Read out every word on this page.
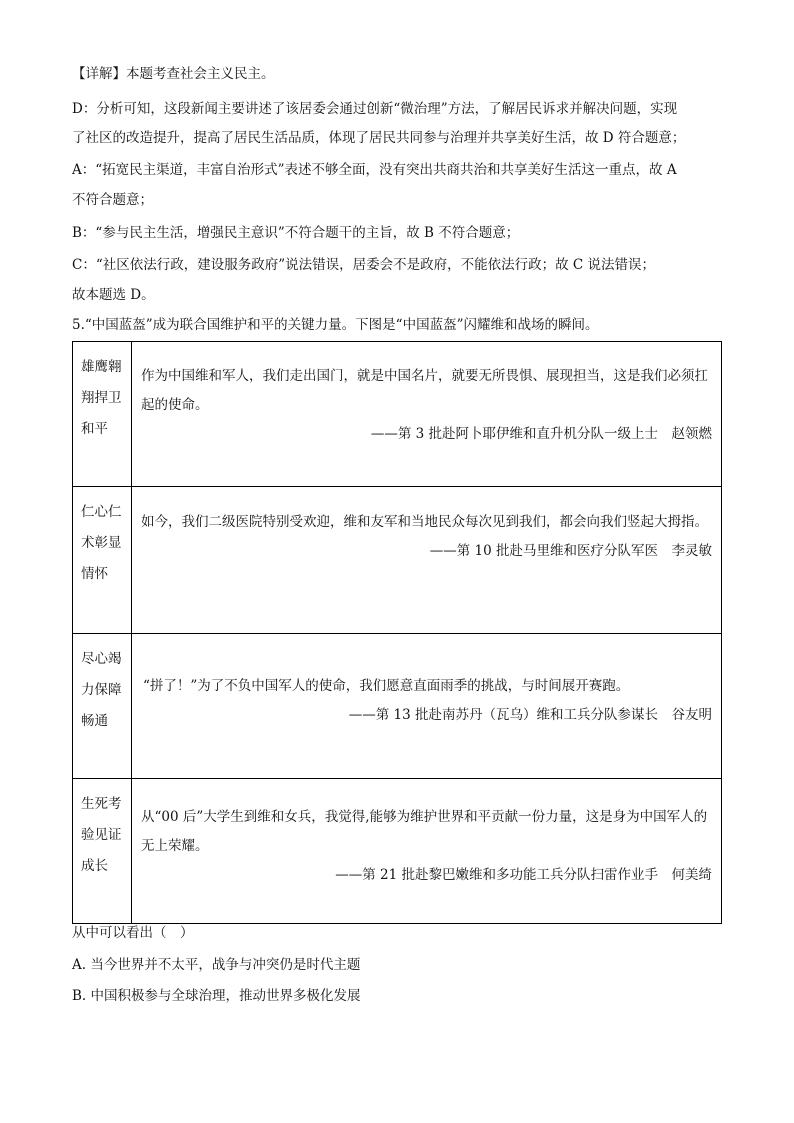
【详解】本题考查社会主义民主。
D：分析可知，这段新闻主要讲述了该居委会通过创新“微治理”方法，了解居民诉求并解决问题，实现
了社区的改造提升，提高了居民生活品质，体现了居民共同参与治理并共享美好生活，故 D 符合题意；
A：“拓宽民主渠道，丰富自治形式”表述不够全面，没有突出共商共治和共享美好生活这一重点，故 A
不符合题意；
B：“参与民主生活，增强民主意识”不符合题干的主旨，故 B 不符合题意；
C：“社区依法行政，建设服务政府”说法错误，居委会不是政府，不能依法行政；故 C 说法错误；
故本题选 D。
5.“中国蓝盔”成为联合国维护和平的关键力量。下图是“中国蓝盔”闪耀维和战场的瞬间。
雄鹰翱翔捍卫和平	作为中国维和军人，我们走出国门，就是中国名片，就要无所畏惧、展现担当，这是我们必须扛起的使命。
——第 3 批赴阿卜耶伊维和直升机分队一级上士　赵领燃

仁心仁术彰显情怀	如今，我们二级医院特别受欢迎，维和友军和当地民众每次见到我们，都会向我们竖起大拇指。
——第 10 批赴马里维和医疗分队军医　李灵敏

尽心竭力保障畅通	“拼了！”为了不负中国军人的使命，我们愿意直面雨季的挑战，与时间展开赛跑。
——第 13 批赴南苏丹（瓦乌）维和工兵分队参谋长　谷友明

生死考验见证成长	从“00 后”大学生到维和女兵，我觉得,能够为维护世界和平贡献一份力量，这是身为中国军人的无上荣耀。
——第 21 批赴黎巴嫩维和多功能工兵分队扫雷作业手　何美绮
从中可以看出（　）
A. 当今世界并不太平，战争与冲突仍是时代主题
B. 中国积极参与全球治理，推动世界多极化发展
